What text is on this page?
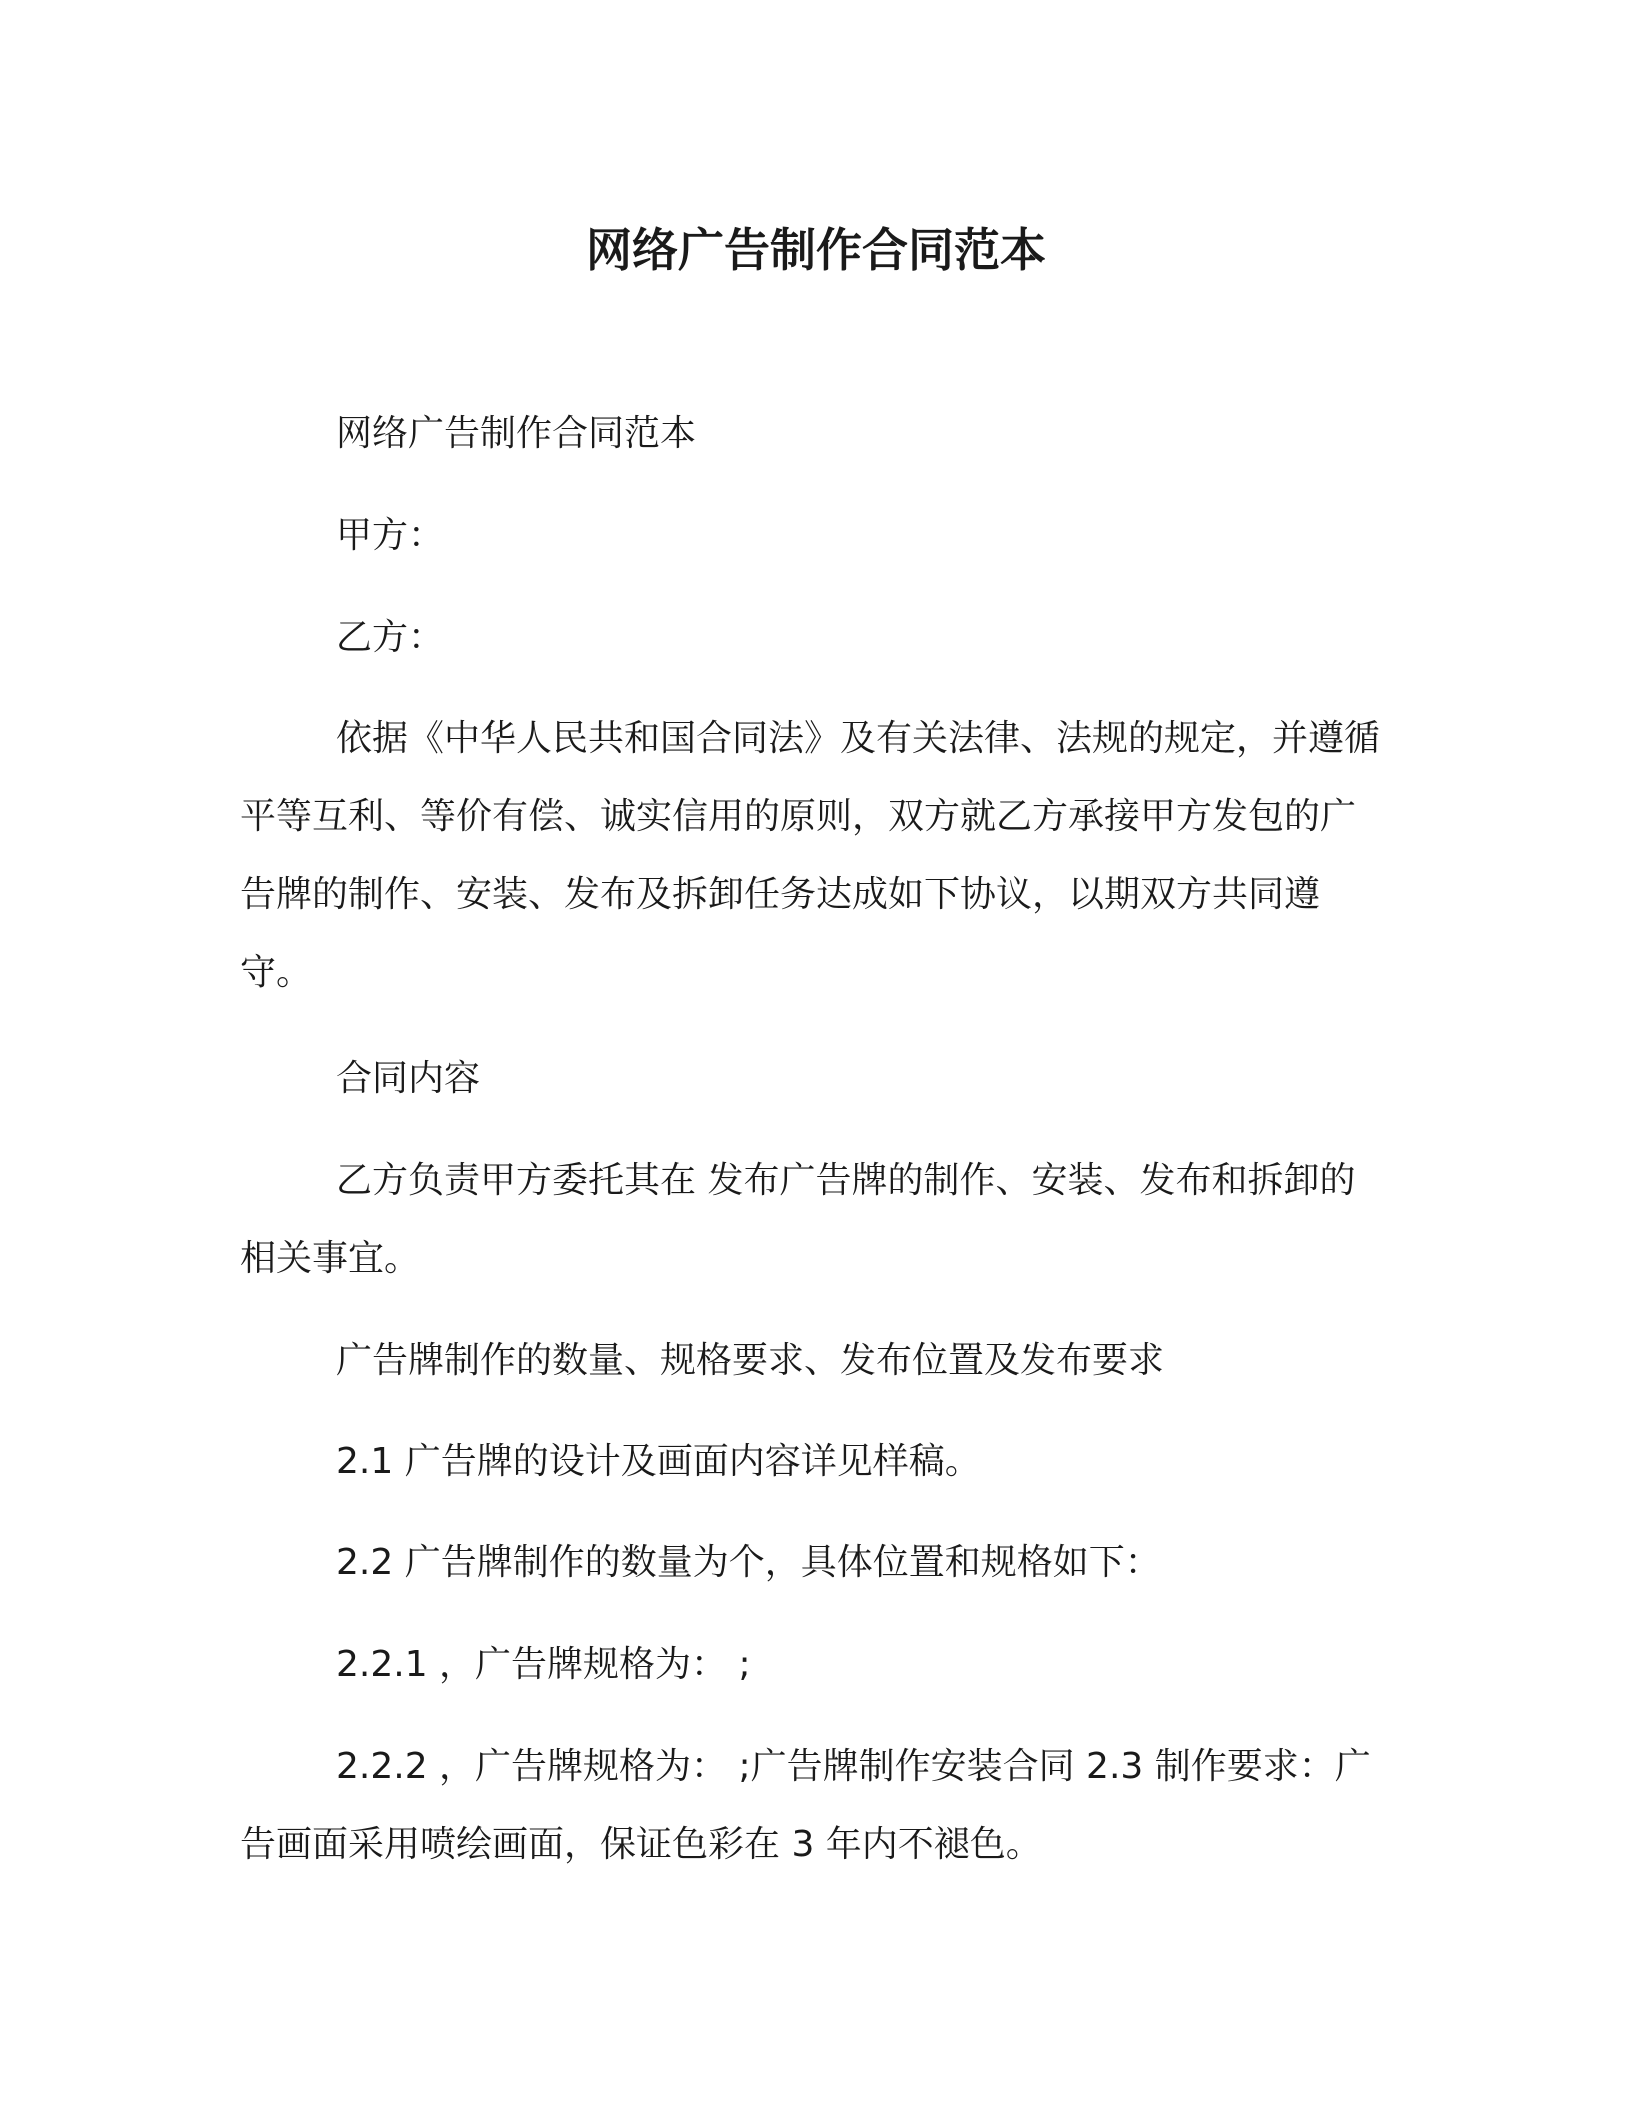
网络广告制作合同范本

网络广告制作合同范本

甲方：

乙方：

依据《中华人民共和国合同法》及有关法律、法规的规定，并遵循平等互利、等价有偿、诚实信用的原则，双方就乙方承接甲方发包的广告牌的制作、安装、发布及拆卸任务达成如下协议，以期双方共同遵守。

合同内容

乙方负责甲方委托其在 发布广告牌的制作、安装、发布和拆卸的相关事宜。

广告牌制作的数量、规格要求、发布位置及发布要求

2.1 广告牌的设计及画面内容详见样稿。

2.2 广告牌制作的数量为个，具体位置和规格如下：

2.2.1 ，广告牌规格为： ;

2.2.2 ，广告牌规格为： ;广告牌制作安装合同 2.3 制作要求：广告画面采用喷绘画面，保证色彩在 3 年内不褪色。
